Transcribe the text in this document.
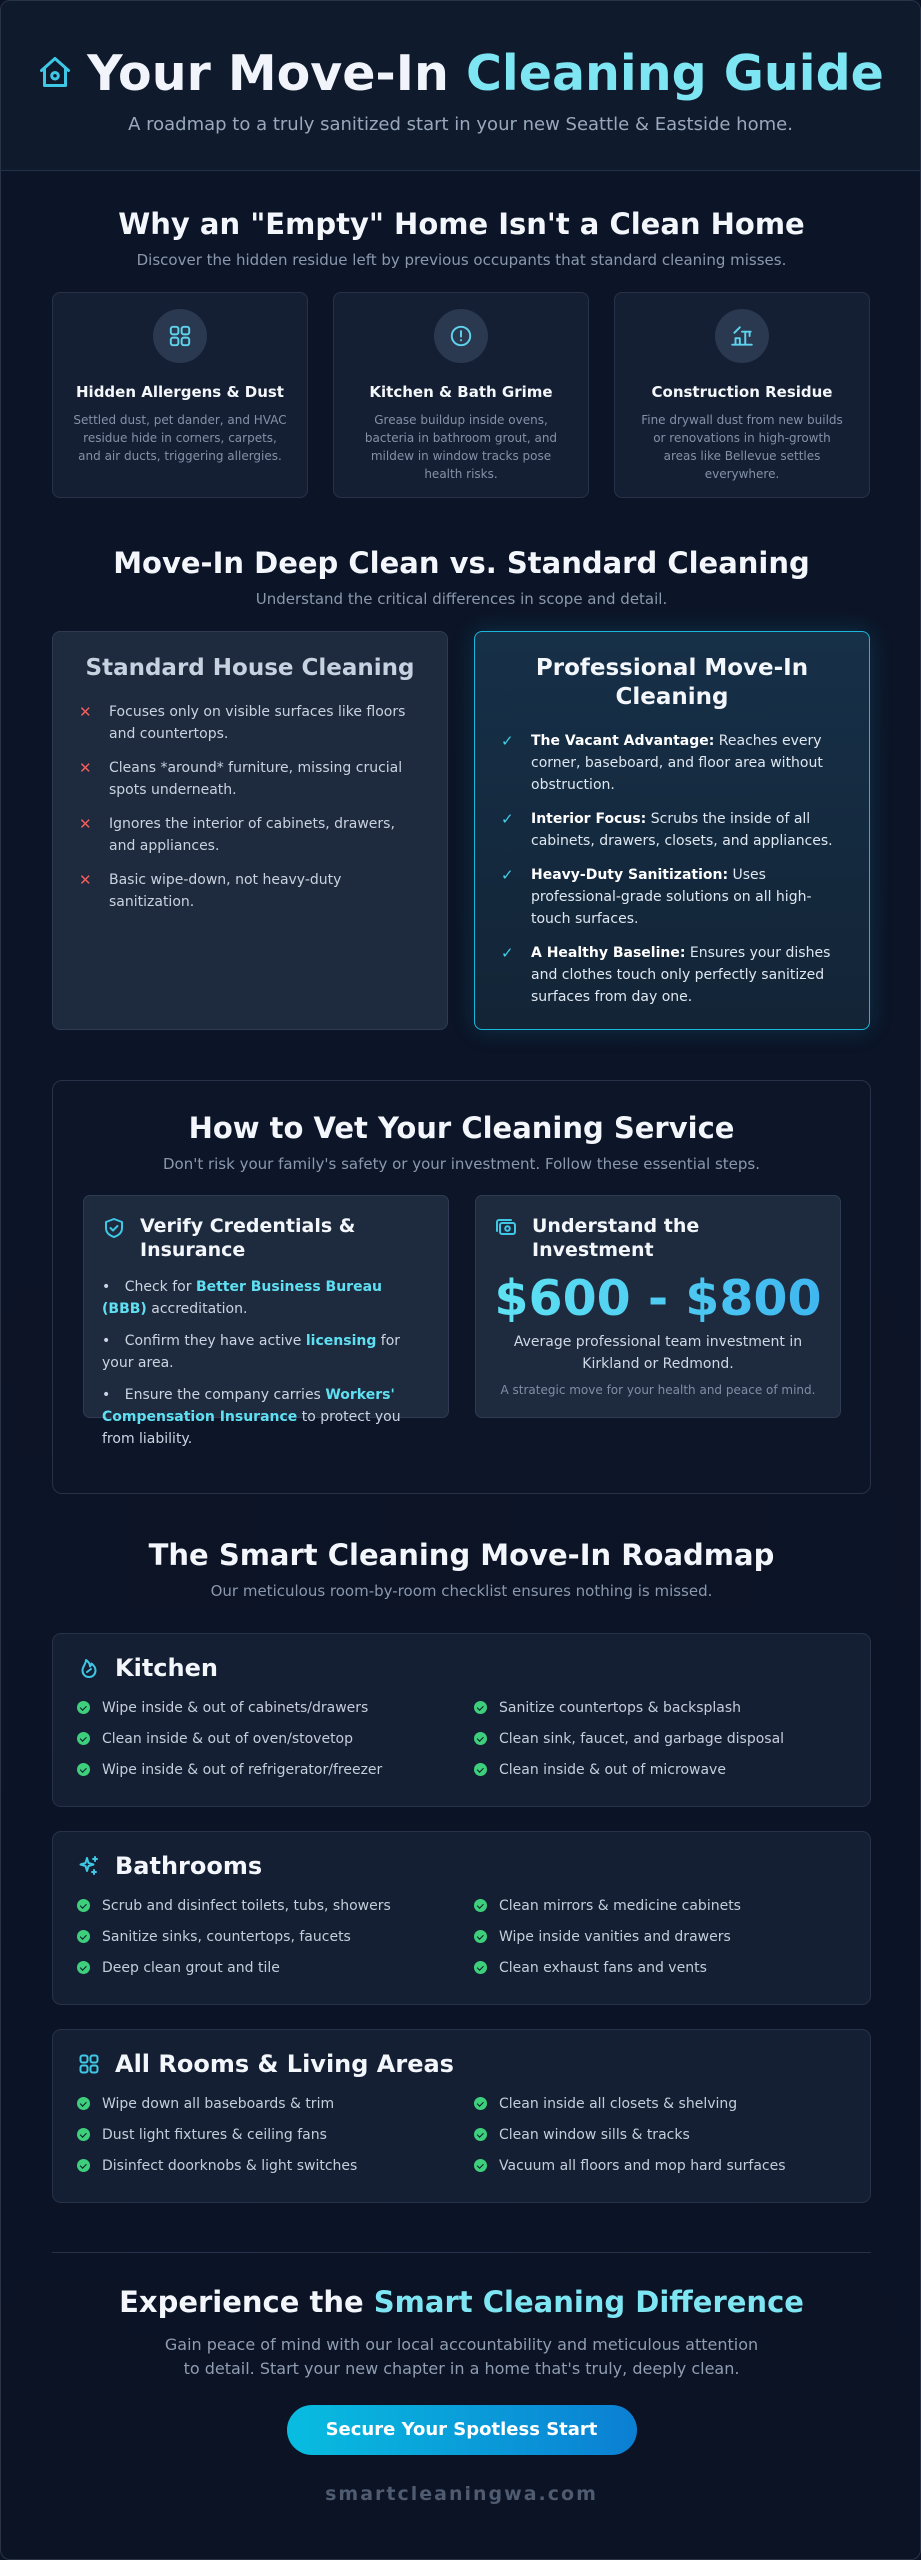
Your Move-In Cleaning Guide
A roadmap to a truly sanitized start in your new Seattle & Eastside home.
Why an "Empty" Home Isn't a Clean Home
Discover the hidden residue left by previous occupants that standard cleaning misses.
Hidden Allergens & Dust

Settled dust, pet dander, and HVAC residue hide in corners, carpets, and air ducts, triggering allergies.

Kitchen & Bath Grime

Grease buildup inside ovens, bacteria in bathroom grout, and mildew in window tracks pose health risks.

Construction Residue

Fine drywall dust from new builds or renovations in high-growth areas like Bellevue settles everywhere.

Move-In Deep Clean vs. Standard Cleaning
Understand the critical differences in scope and detail.
Standard House Cleaning
✕ Focuses only on visible surfaces like floors and countertops.
✕ Cleans *around* furniture, missing crucial spots underneath.
✕ Ignores the interior of cabinets, drawers, and appliances.
✕ Basic wipe-down, not heavy-duty sanitization.
Professional Move-In Cleaning
✓ The Vacant Advantage: Reaches every corner, baseboard, and floor area without obstruction.
✓ Interior Focus: Scrubs the inside of all cabinets, drawers, closets, and appliances.
✓ Heavy-Duty Sanitization: Uses professional-grade solutions on all high-touch surfaces.
✓ A Healthy Baseline: Ensures your dishes and clothes touch only perfectly sanitized surfaces from day one.
How to Vet Your Cleaning Service
Don't risk your family's safety or your investment. Follow these essential steps.
Verify Credentials & Insurance
• Check for Better Business Bureau (BBB) accreditation.
• Confirm they have active licensing for your area.
• Ensure the company carries Workers' Compensation Insurance to protect you from liability.
Understand the Investment
$600 - $800
Average professional team investment in Kirkland or Redmond.
A strategic move for your health and peace of mind.
The Smart Cleaning Move-In Roadmap
Our meticulous room-by-room checklist ensures nothing is missed.
Kitchen
Wipe inside & out of cabinets/drawers	Sanitize countertops & backsplash
Clean inside & out of oven/stovetop	Clean sink, faucet, and garbage disposal
Wipe inside & out of refrigerator/freezer	Clean inside & out of microwave
Bathrooms
Scrub and disinfect toilets, tubs, showers	Clean mirrors & medicine cabinets
Sanitize sinks, countertops, faucets	Wipe inside vanities and drawers
Deep clean grout and tile	Clean exhaust fans and vents
All Rooms & Living Areas
Wipe down all baseboards & trim	Clean inside all closets & shelving
Dust light fixtures & ceiling fans	Clean window sills & tracks
Disinfect doorknobs & light switches	Vacuum all floors and mop hard surfaces
Experience the Smart Cleaning Difference

Gain peace of mind with our local accountability and meticulous attention to detail. Start your new chapter in a home that's truly, deeply clean.

Secure Your Spotless Start
smartcleaningwa.com
